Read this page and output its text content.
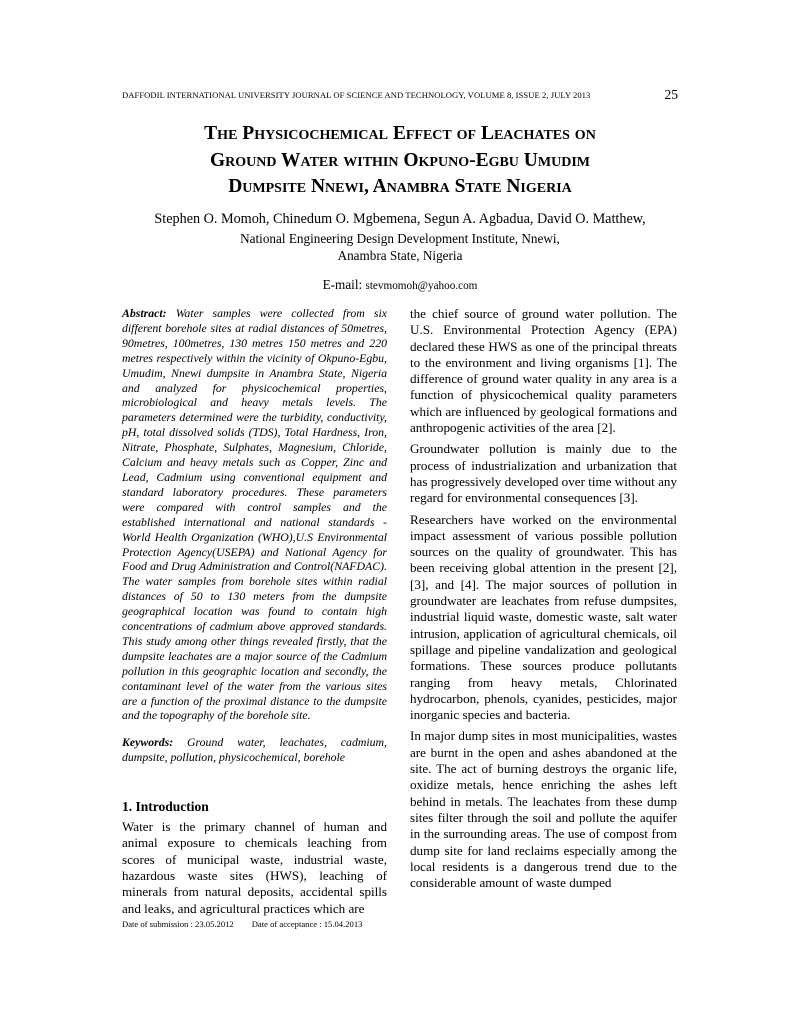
DAFFODIL INTERNATIONAL UNIVERSITY JOURNAL OF SCIENCE AND TECHNOLOGY, VOLUME 8, ISSUE 2, JULY 2013	25
The Physicochemical Effect of Leachates on
Ground Water within Okpuno-Egbu Umudim
Dumpsite Nnewi, Anambra State Nigeria

Stephen O. Momoh, Chinedum O. Mgbemena, Segun A. Agbadua, David O. Matthew,

National Engineering Design Development Institute, Nnewi,
Anambra State, Nigeria
E-mail: stevmomoh@yahoo.com

Abstract: Water samples were collected from six different borehole sites at radial distances of 50metres, 90metres, 100metres, 130 metres 150 metres and 220 metres respectively within the vicinity of Okpuno-Egbu, Umudim, Nnewi dumpsite in Anambra State, Nigeria and analyzed for physicochemical properties, microbiological and heavy metals levels. The parameters determined were the turbidity, conductivity, pH, total dissolved solids (TDS), Total Hardness, Iron, Nitrate, Phosphate, Sulphates, Magnesium, Chloride, Calcium and heavy metals such as Copper, Zinc and Lead, Cadmium using conventional equipment and standard laboratory procedures. These parameters were compared with control samples and the established international and national standards - World Health Organization (WHO),U.S Environmental Protection Agency(USEPA) and National Agency for Food and Drug Administration and Control(NAFDAC). The water samples from borehole sites within radial distances of 50 to 130 meters from the dumpsite geographical location was found to contain high concentrations of cadmium above approved standards. This study among other things revealed firstly, that the dumpsite leachates are a major source of the Cadmium pollution in this geographic location and secondly, the contaminant level of the water from the various sites are a function of the proximal distance to the dumpsite and the topography of the borehole site.

Keywords: Ground water, leachates, cadmium, dumpsite, pollution, physicochemical, borehole
1. Introduction

Water is the primary channel of human and animal exposure to chemicals leaching from scores of municipal waste, industrial waste, hazardous waste sites (HWS), leaching of minerals from natural deposits, accidental spills and leaks, and agricultural practices which are

the chief source of ground water pollution. The U.S. Environmental Protection Agency (EPA) declared these HWS as one of the principal threats to the environment and living organisms [1]. The difference of ground water quality in any area is a function of physicochemical quality parameters which are influenced by geological formations and anthropogenic activities of the area [2].

Groundwater pollution is mainly due to the process of industrialization and urbanization that has progressively developed over time without any regard for environmental consequences [3].

Researchers have worked on the environmental impact assessment of various possible pollution sources on the quality of groundwater. This has been receiving global attention in the present [2], [3], and [4]. The major sources of pollution in groundwater are leachates from refuse dumpsites, industrial liquid waste, domestic waste, salt water intrusion, application of agricultural chemicals, oil spillage and pipeline vandalization and geological formations. These sources produce pollutants ranging from heavy metals, Chlorinated hydrocarbon, phenols, cyanides, pesticides, major inorganic species and bacteria.

In major dump sites in most municipalities, wastes are burnt in the open and ashes abandoned at the site. The act of burning destroys the organic life, oxidize metals, hence enriching the ashes left behind in metals. The leachates from these dump sites filter through the soil and pollute the aquifer in the surrounding areas. The use of compost from dump site for land reclaims especially among the local residents is a dangerous trend due to the considerable amount of waste dumped

Date of submission : 23.05.2012 Date of acceptance : 15.04.2013
